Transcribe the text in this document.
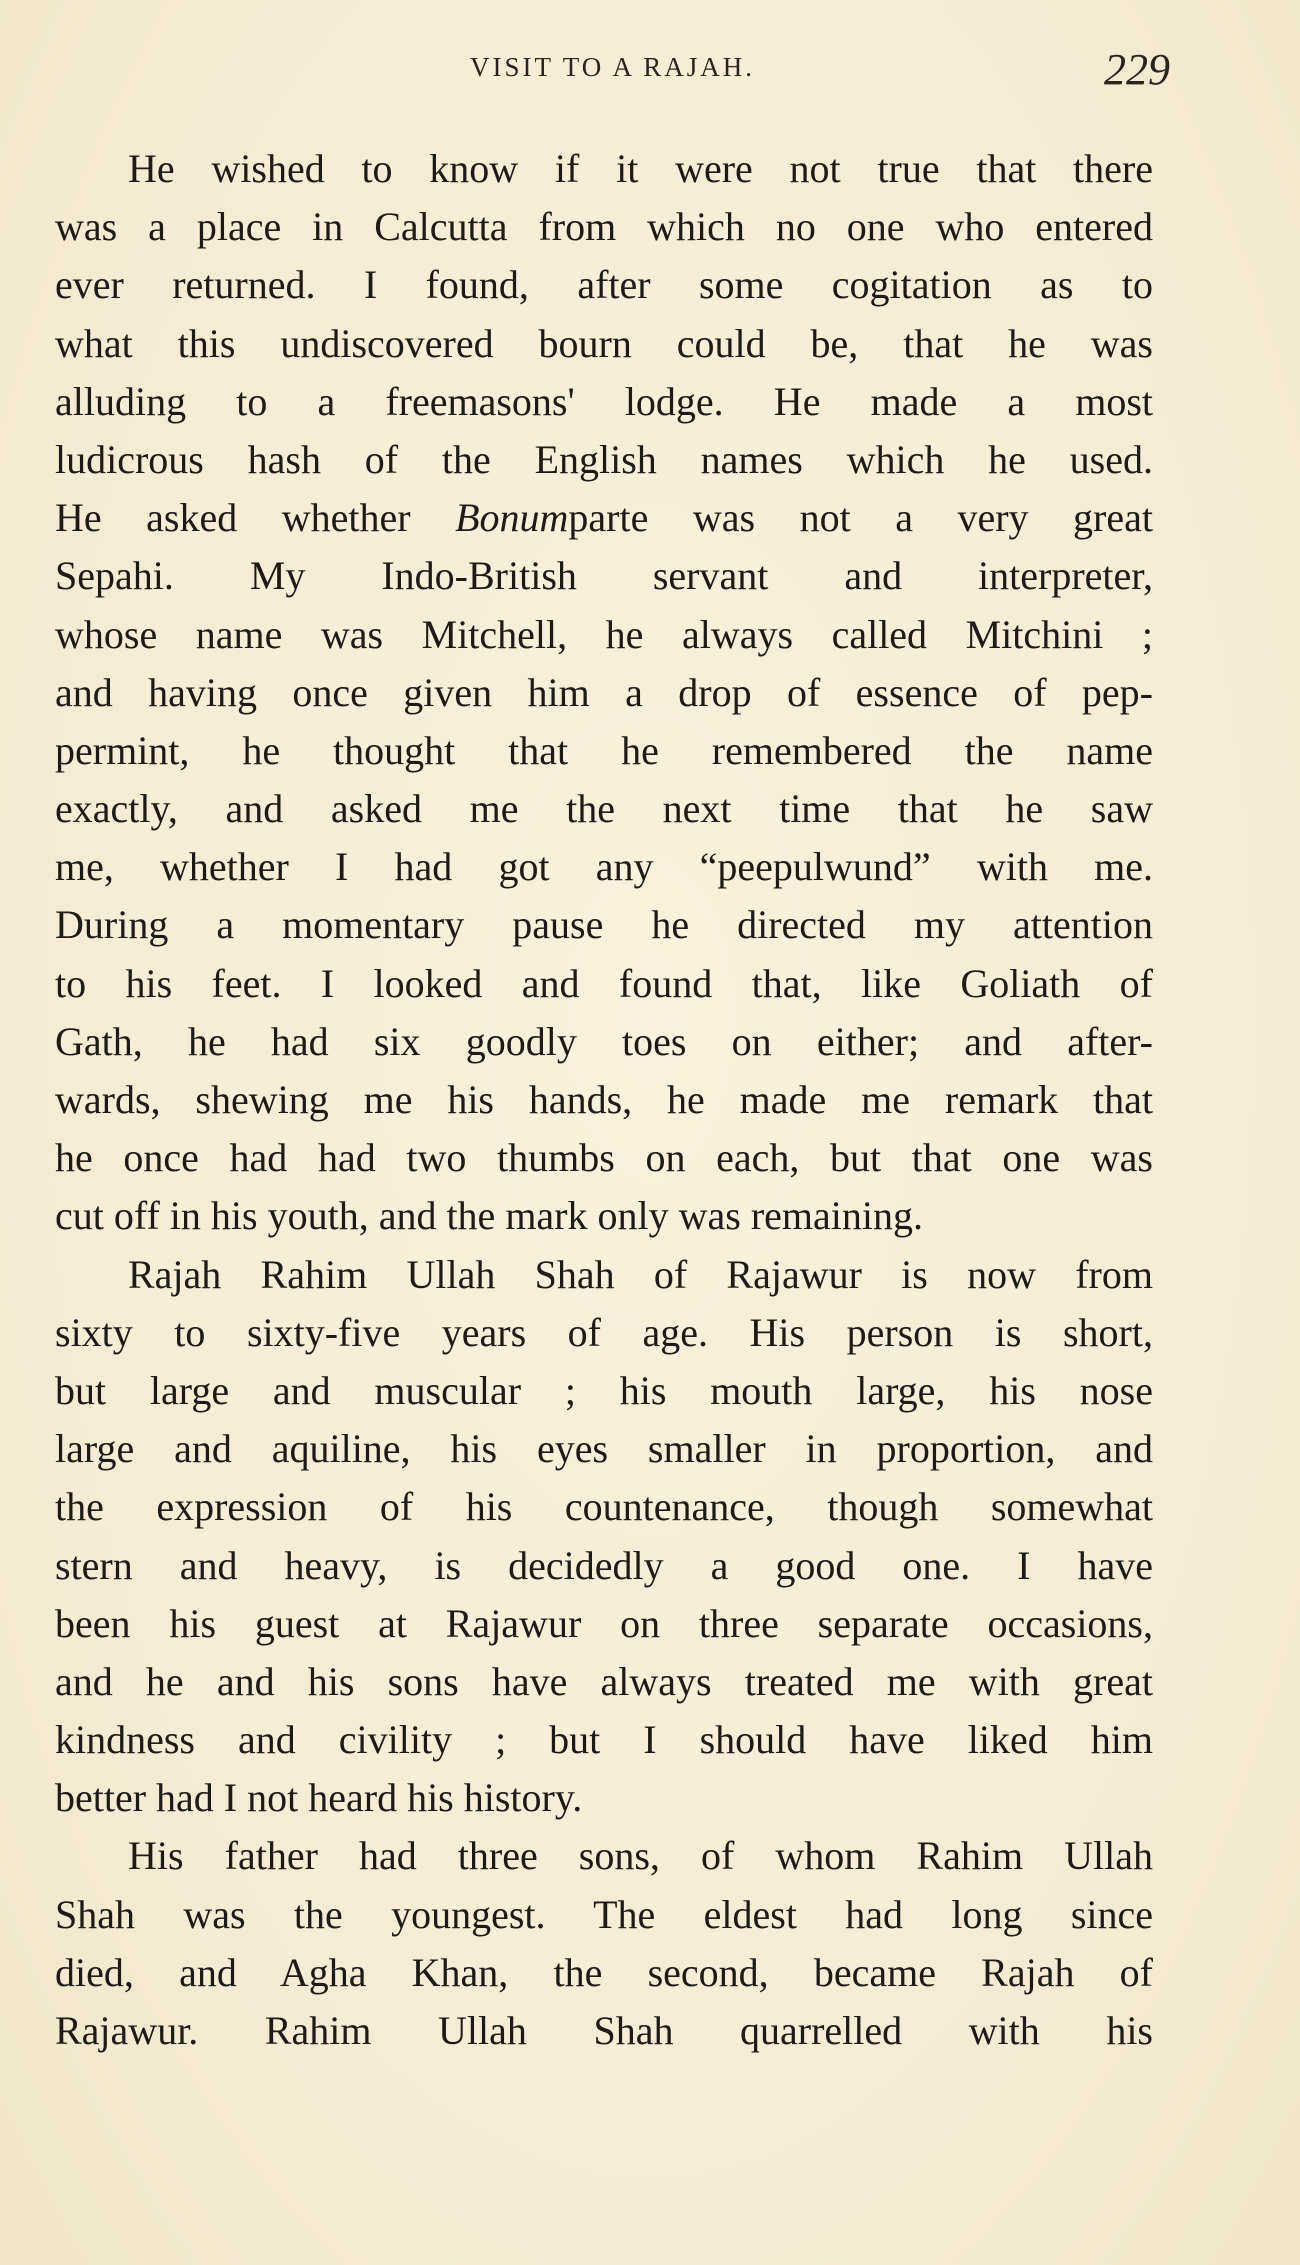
VISIT TO A RAJAH.	229
He wished to know if it were not true that there
was a place in Calcutta from which no one who entered
ever returned. I found, after some cogitation as to
what this undiscovered bourn could be, that he was
alluding to a freemasons' lodge. He made a most
ludicrous hash of the English names which he used.
He asked whether Bonumparte was not a very great
Sepahi. My Indo-British servant and interpreter,
whose name was Mitchell, he always called Mitchini ;
and having once given him a drop of essence of pep-
permint, he thought that he remembered the name
exactly, and asked me the next time that he saw
me, whether I had got any “peepulwund” with me.
During a momentary pause he directed my attention
to his feet. I looked and found that, like Goliath of
Gath, he had six goodly toes on either; and after-
wards, shewing me his hands, he made me remark that
he once had had two thumbs on each, but that one was
cut off in his youth, and the mark only was remaining.
Rajah Rahim Ullah Shah of Rajawur is now from
sixty to sixty-five years of age. His person is short,
but large and muscular ; his mouth large, his nose
large and aquiline, his eyes smaller in proportion, and
the expression of his countenance, though somewhat
stern and heavy, is decidedly a good one. I have
been his guest at Rajawur on three separate occasions,
and he and his sons have always treated me with great
kindness and civility ; but I should have liked him
better had I not heard his history.
His father had three sons, of whom Rahim Ullah
Shah was the youngest. The eldest had long since
died, and Agha Khan, the second, became Rajah of
Rajawur. Rahim Ullah Shah quarrelled with his
